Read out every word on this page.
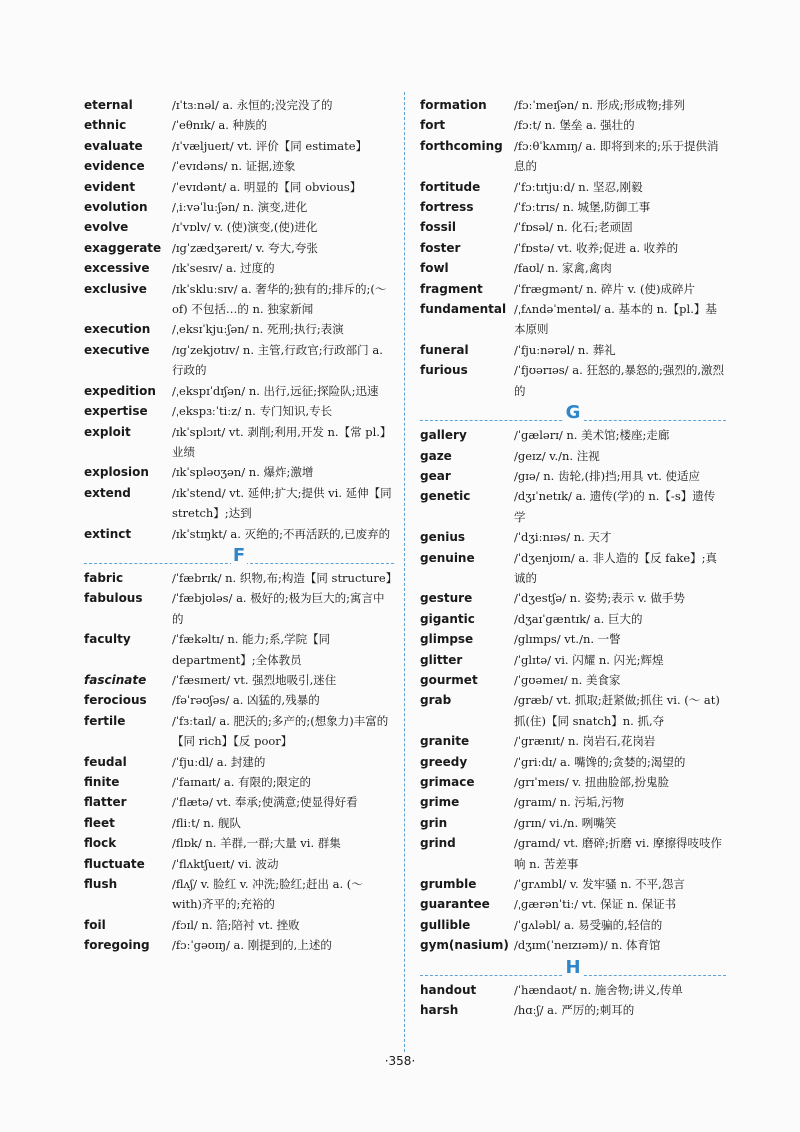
eternal	/ɪˈtɜːnəl/ a. 永恒的;没完没了的
ethnic	/ˈeθnɪk/ a. 种族的
evaluate	/ɪˈvæljueɪt/ vt. 评价【同 estimate】
evidence	/ˈevɪdəns/ n. 证据,迹象
evident	/ˈevɪdənt/ a. 明显的【同 obvious】
evolution	/ˌiːvəˈluːʃən/ n. 演变,进化
evolve	/ɪˈvɒlv/ v. (使)演变,(使)进化
exaggerate /ɪgˈzædʒəreɪt/ v. 夸大,夸张
excessive	/ɪkˈsesɪv/ a. 过度的
exclusive	/ɪkˈskluːsɪv/ a. 奢华的;独有的;排斥的;(～ of) 不包括…的 n. 独家新闻
execution	/ˌeksɪˈkjuːʃən/ n. 死刑;执行;表演
executive	/ɪgˈzekjʊtɪv/ n. 主管,行政官;行政部门 a. 行政的
expedition	/ˌekspɪˈdɪʃən/ n. 出行,远征;探险队;迅速
expertise	/ˌekspɜːˈtiːz/ n. 专门知识,专长
exploit	/ɪkˈsplɔɪt/ vt. 剥削;利用,开发 n.【常 pl.】业绩
explosion	/ɪkˈspləʊʒən/ n. 爆炸;激增
extend	/ɪkˈstend/ vt. 延伸;扩大;提供 vi. 延伸【同 stretch】;达到
extinct	/ɪkˈstɪŋkt/ a. 灭绝的;不再活跃的,已废弃的
F
fabric	/ˈfæbrɪk/ n. 织物,布;构造【同 structure】
fabulous	/ˈfæbjʊləs/ a. 极好的;极为巨大的;寓言中的
faculty	/ˈfækəltɪ/ n. 能力;系,学院【同 department】;全体教员
fascinate	/ˈfæsɪneɪt/ vt. 强烈地吸引,迷住
ferocious	/fəˈrəʊʃəs/ a. 凶猛的,残暴的
fertile	/ˈfɜːtaɪl/ a. 肥沃的;多产的;(想象力)丰富的【同 rich】【反 poor】
feudal	/ˈfjuːdl/ a. 封建的
finite	/ˈfaɪnaɪt/ a. 有限的;限定的
flatter	/ˈflætə/ vt. 奉承;使满意;使显得好看
fleet	/fliːt/ n. 舰队
flock	/flɒk/ n. 羊群,一群;大量 vi. 群集
fluctuate	/ˈflʌktʃueɪt/ vi. 波动
flush	/flʌʃ/ v. 脸红 v. 冲洗;脸红;赶出 a. (～ with)齐平的;充裕的
foil	/fɔɪl/ n. 箔;陪衬 vt. 挫败
foregoing	/fɔːˈgəʊɪŋ/ a. 刚提到的,上述的
formation	/fɔːˈmeɪʃən/ n. 形成;形成物;排列
fort	/fɔːt/ n. 堡垒 a. 强壮的
forthcoming /fɔːθˈkʌmɪŋ/ a. 即将到来的;乐于提供消息的
fortitude	/ˈfɔːtɪtjuːd/ n. 坚忍,刚毅
fortress	/ˈfɔːtrɪs/ n. 城堡,防御工事
fossil	/ˈfɒsəl/ n. 化石;老顽固
foster	/ˈfɒstə/ vt. 收养;促进 a. 收养的
fowl	/faʊl/ n. 家禽,禽肉
fragment	/ˈfrægmənt/ n. 碎片 v. (使)成碎片
fundamental /ˌfʌndəˈmentəl/ a. 基本的 n.【pl.】基本原则
funeral	/ˈfjuːnərəl/ n. 葬礼
furious	/ˈfjʊərɪəs/ a. 狂怒的,暴怒的;强烈的,激烈的
G
gallery	/ˈgælərɪ/ n. 美术馆;楼座;走廊
gaze	/geɪz/ v./n. 注视
gear	/gɪə/ n. 齿轮,(排)挡;用具 vt. 使适应
genetic	/dʒɪˈnetɪk/ a. 遗传(学)的 n.【-s】遗传学
genius	/ˈdʒiːnɪəs/ n. 天才
genuine	/ˈdʒenjʊɪn/ a. 非人造的【反 fake】;真诚的
gesture	/ˈdʒestʃə/ n. 姿势;表示 v. 做手势
gigantic	/dʒaɪˈgæntɪk/ a. 巨大的
glimpse	/glɪmps/ vt./n. 一瞥
glitter	/ˈglɪtə/ vi. 闪耀 n. 闪光;辉煌
gourmet	/ˈgʊəmeɪ/ n. 美食家
grab	/græb/ vt. 抓取;赶紧做;抓住 vi. (～ at)抓(住)【同 snatch】n. 抓,夺
granite	/ˈgrænɪt/ n. 岗岩石,花岗岩
greedy	/ˈgriːdɪ/ a. 嘴馋的;贪婪的;渴望的
grimace	/grɪˈmeɪs/ v. 扭曲脸部,扮鬼脸
grime	/graɪm/ n. 污垢,污物
grin	/grɪn/ vi./n. 咧嘴笑
grind	/graɪnd/ vt. 磨碎;折磨 vi. 摩擦得吱吱作响 n. 苦差事
grumble	/ˈgrʌmbl/ v. 发牢骚 n. 不平,怨言
guarantee	/ˌgærənˈtiː/ vt. 保证 n. 保证书
gullible	/ˈgʌləbl/ a. 易受骗的,轻信的
gym(nasium) /dʒɪm(ˈneɪzɪəm)/ n. 体育馆
H
handout	/ˈhændaʊt/ n. 施舍物;讲义,传单
harsh	/hɑːʃ/ a. 严厉的;刺耳的
·358·
